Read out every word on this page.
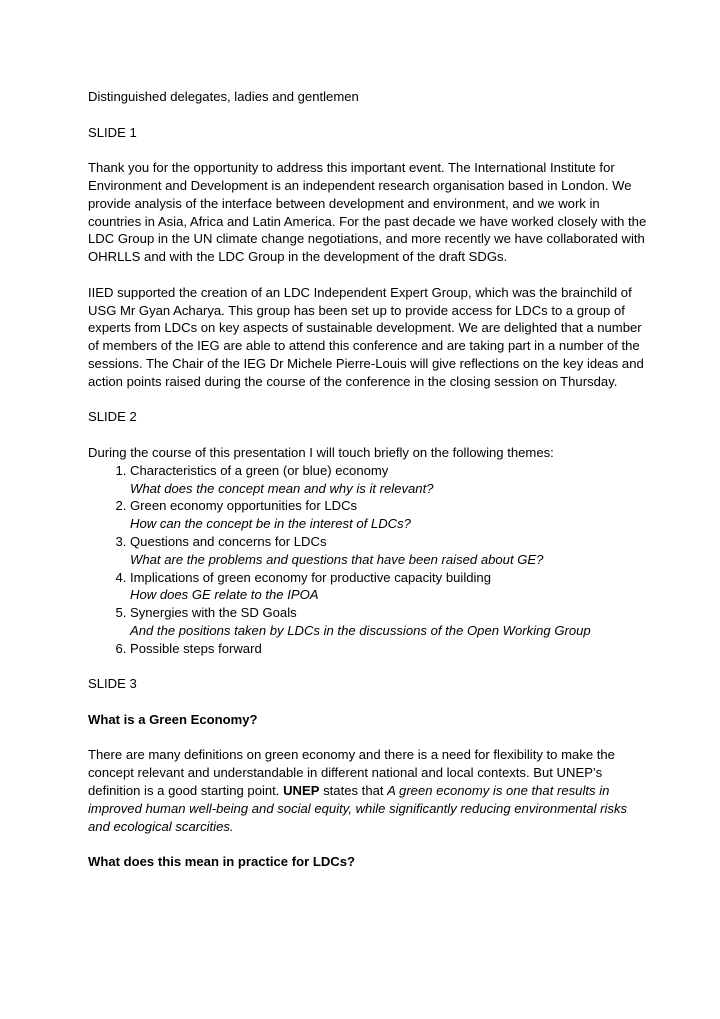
Distinguished delegates, ladies and gentlemen

SLIDE 1

Thank you for the opportunity to address this important event. The International Institute for Environment and Development is an independent research organisation based in London. We provide analysis of the interface between development and environment, and we work in countries in Asia, Africa and Latin America. For the past decade we have worked closely with the LDC Group in the UN climate change negotiations, and more recently we have collaborated with OHRLLS and with the LDC Group in the development of the draft SDGs.

IIED supported the creation of an LDC Independent Expert Group, which was the brainchild of USG Mr Gyan Acharya. This group has been set up to provide access for LDCs to a group of experts from LDCs on key aspects of sustainable development. We are delighted that a number of members of the IEG are able to attend this conference and are taking part in a number of the sessions. The Chair of the IEG Dr Michele Pierre-Louis will give reflections on the key ideas and action points raised during the course of the conference in the closing session on Thursday.

SLIDE 2

During the course of this presentation I will touch briefly on the following themes:
1. Characteristics of a green (or blue) economy
What does the concept mean and why is it relevant?
2. Green economy opportunities for LDCs
How can the concept be in the interest of LDCs?
3. Questions and concerns for LDCs
What are the problems and questions that have been raised about GE?
4. Implications of green economy for productive capacity building
How does GE relate to the IPOA
5. Synergies with the SD Goals
And the positions taken by LDCs in the discussions of the Open Working Group
6. Possible steps forward

SLIDE 3

What is a Green Economy?

There are many definitions on green economy and there is a need for flexibility to make the concept relevant and understandable in different national and local contexts. But UNEP’s definition is a good starting point. UNEP states that A green economy is one that results in improved human well-being and social equity, while significantly reducing environmental risks and ecological scarcities.

What does this mean in practice for LDCs?
